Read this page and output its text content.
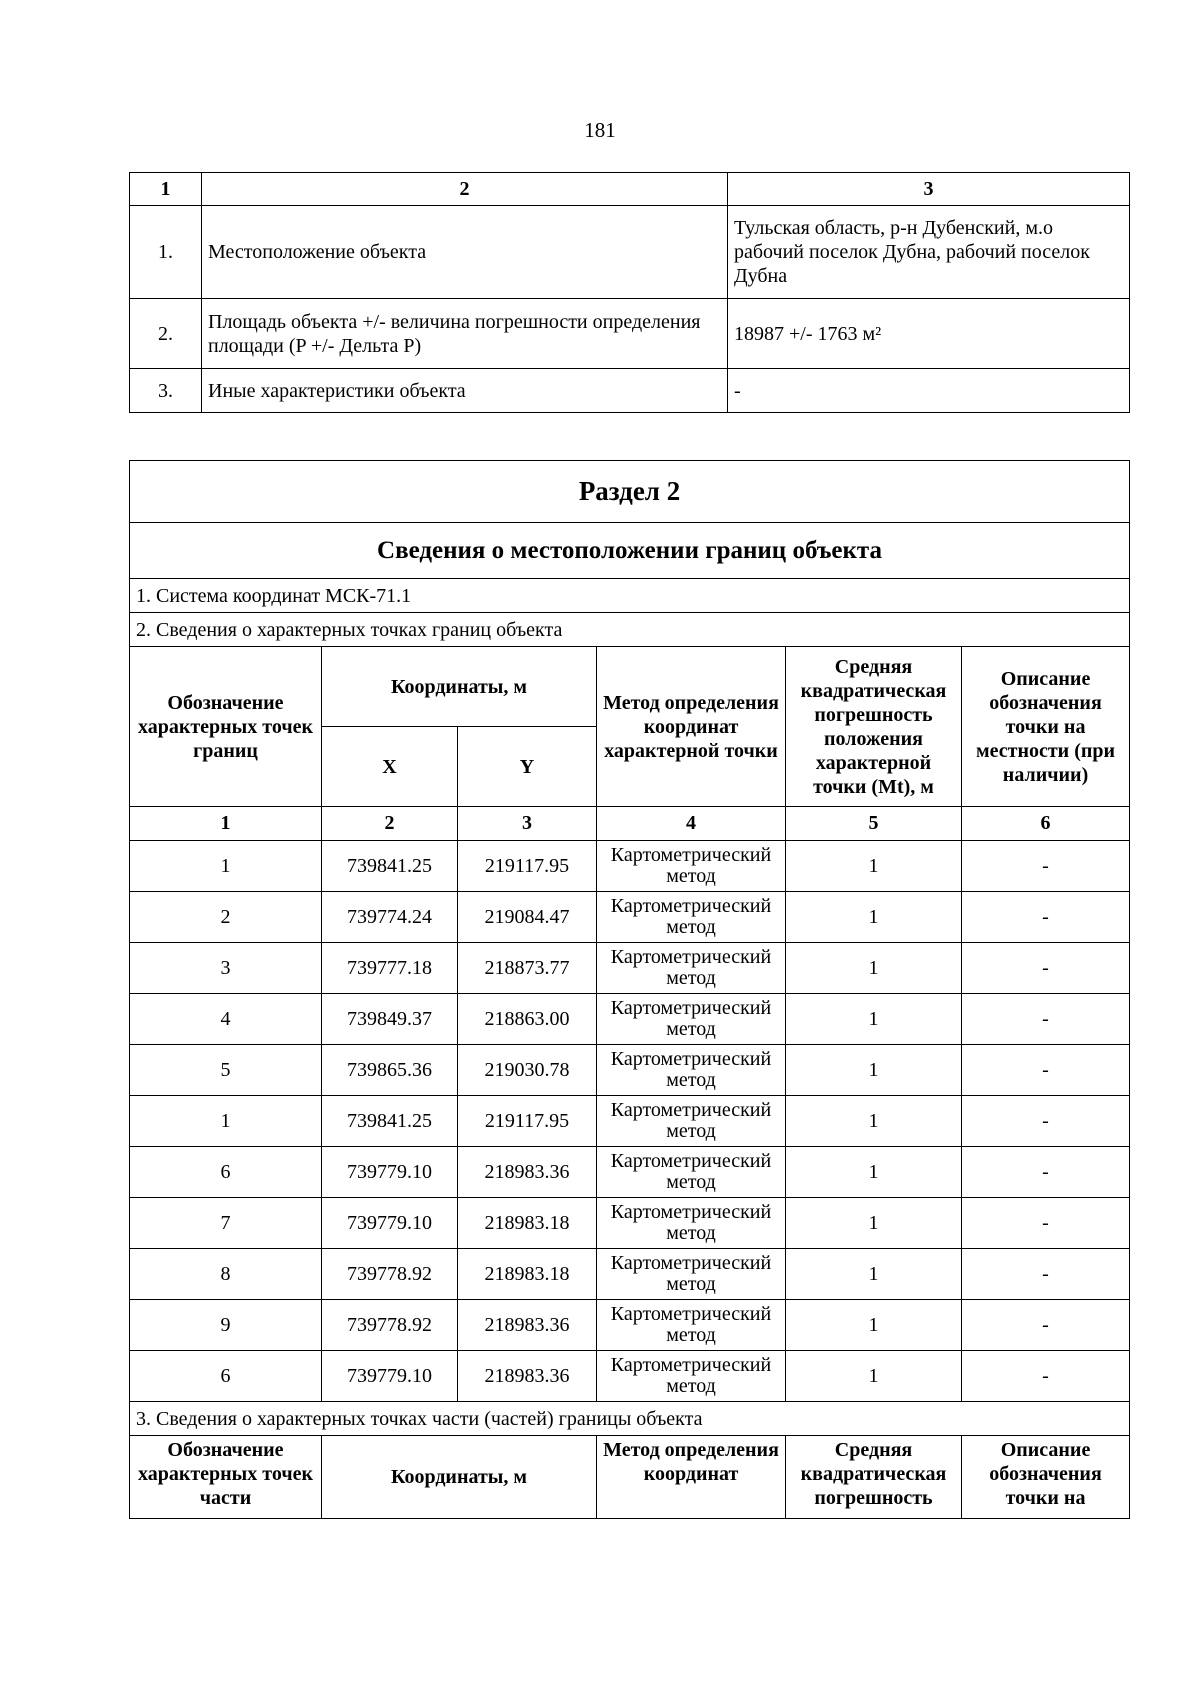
181
1	2	3
1.	Местоположение объекта	Тульская область, р-н Дубенский, м.о рабочий поселок Дубна, рабочий поселок Дубна
2.	Площадь объекта +/- величина погрешности определения площади (P +/- Дельта P)	18987 +/- 1763 м²
3.	Иные характеристики объекта	-
Раздел 2					
Сведения о местоположении границ объекта					
1. Система координат МСК-71.1					
2. Сведения о характерных точках границ объекта					
Обозначение характерных точек границ	Координаты, м		Метод определения координат характерной точки	Средняя квадратическая погрешность положения характерной точки (Mt), м	Описание обозначения точки на местности (при наличии)
	X	Y			
1	2	3	4	5	6
1	739841.25	219117.95	Картометрический метод	1	-
2	739774.24	219084.47	Картометрический метод	1	-
3	739777.18	218873.77	Картометрический метод	1	-
4	739849.37	218863.00	Картометрический метод	1	-
5	739865.36	219030.78	Картометрический метод	1	-
1	739841.25	219117.95	Картометрический метод	1	-
6	739779.10	218983.36	Картометрический метод	1	-
7	739779.10	218983.18	Картометрический метод	1	-
8	739778.92	218983.18	Картометрический метод	1	-
9	739778.92	218983.36	Картометрический метод	1	-
6	739779.10	218983.36	Картометрический метод	1	-
3. Сведения о характерных точках части (частей) границы объекта					
Обозначение характерных точек части	Координаты, м		Метод определения координат	Средняя квадратическая погрешность	Описание обозначения точки на
